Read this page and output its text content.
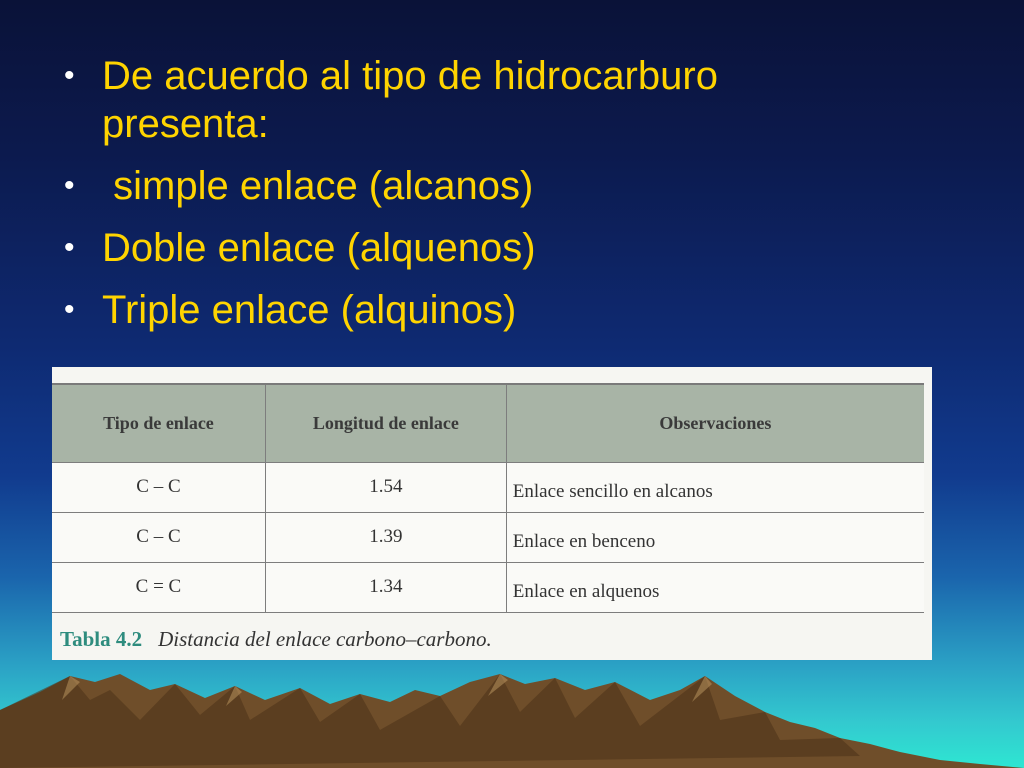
• De acuerdo al tipo de hidrocarburo presenta:
•  simple enlace (alcanos)
• Doble enlace (alquenos)
• Triple enlace (alquinos)
Tipo de enlace	Longitud de enlace	Observaciones
C – C	1.54	Enlace sencillo en alcanos
C – C	1.39	Enlace en benceno
C = C	1.34	Enlace en alquenos
Tabla 4.2 Distancia del enlace carbono–carbono.
